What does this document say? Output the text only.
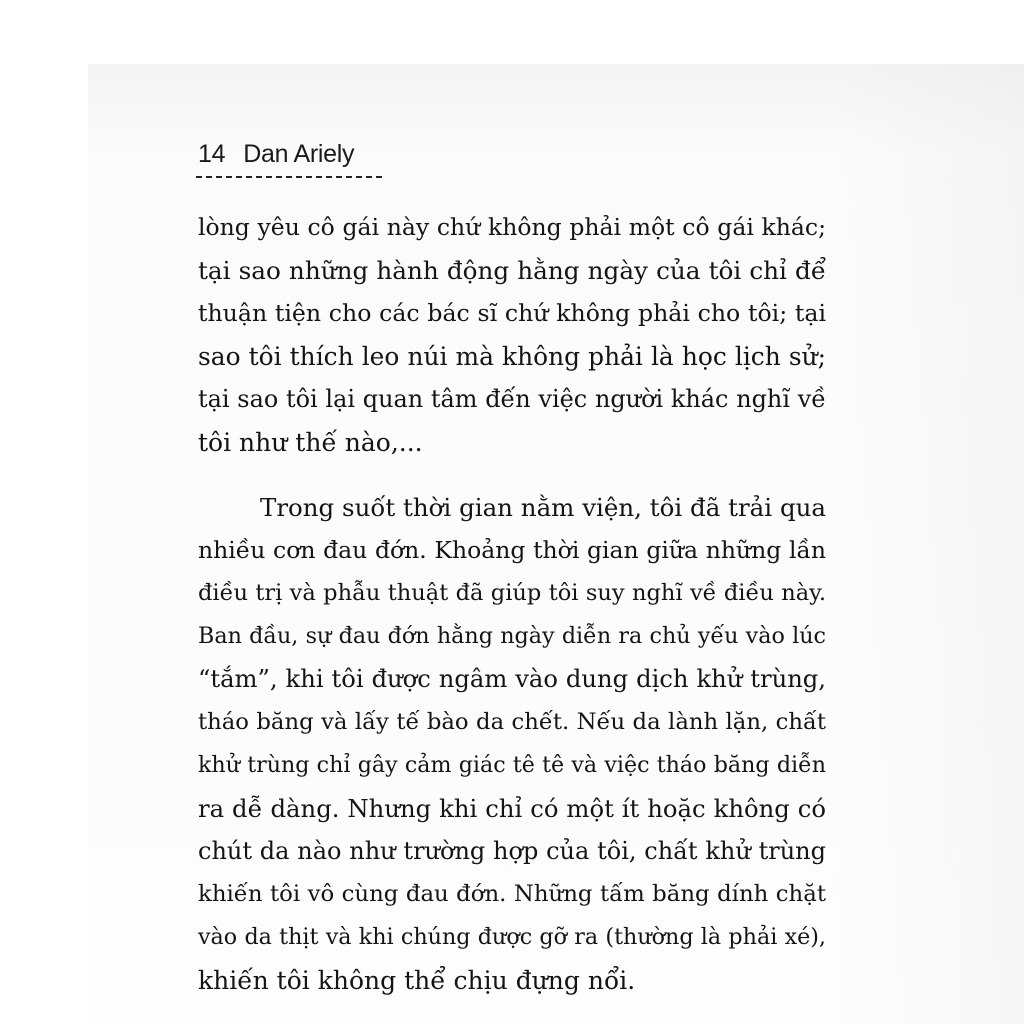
14 Dan Ariely
lòng yêu cô gái này chứ không phải một cô gái khác;
tại sao những hành động hằng ngày của tôi chỉ để
thuận tiện cho các bác sĩ chứ không phải cho tôi; tại
sao tôi thích leo núi mà không phải là học lịch sử;
tại sao tôi lại quan tâm đến việc người khác nghĩ về
tôi như thế nào,...
Trong suốt thời gian nằm viện, tôi đã trải qua
nhiều cơn đau đớn. Khoảng thời gian giữa những lần
điều trị và phẫu thuật đã giúp tôi suy nghĩ về điều này.
Ban đầu, sự đau đớn hằng ngày diễn ra chủ yếu vào lúc
“tắm”, khi tôi được ngâm vào dung dịch khử trùng,
tháo băng và lấy tế bào da chết. Nếu da lành lặn, chất
khử trùng chỉ gây cảm giác tê tê và việc tháo băng diễn
ra dễ dàng. Nhưng khi chỉ có một ít hoặc không có
chút da nào như trường hợp của tôi, chất khử trùng
khiến tôi vô cùng đau đớn. Những tấm băng dính chặt
vào da thịt và khi chúng được gỡ ra (thường là phải xé),
khiến tôi không thể chịu đựng nổi.
